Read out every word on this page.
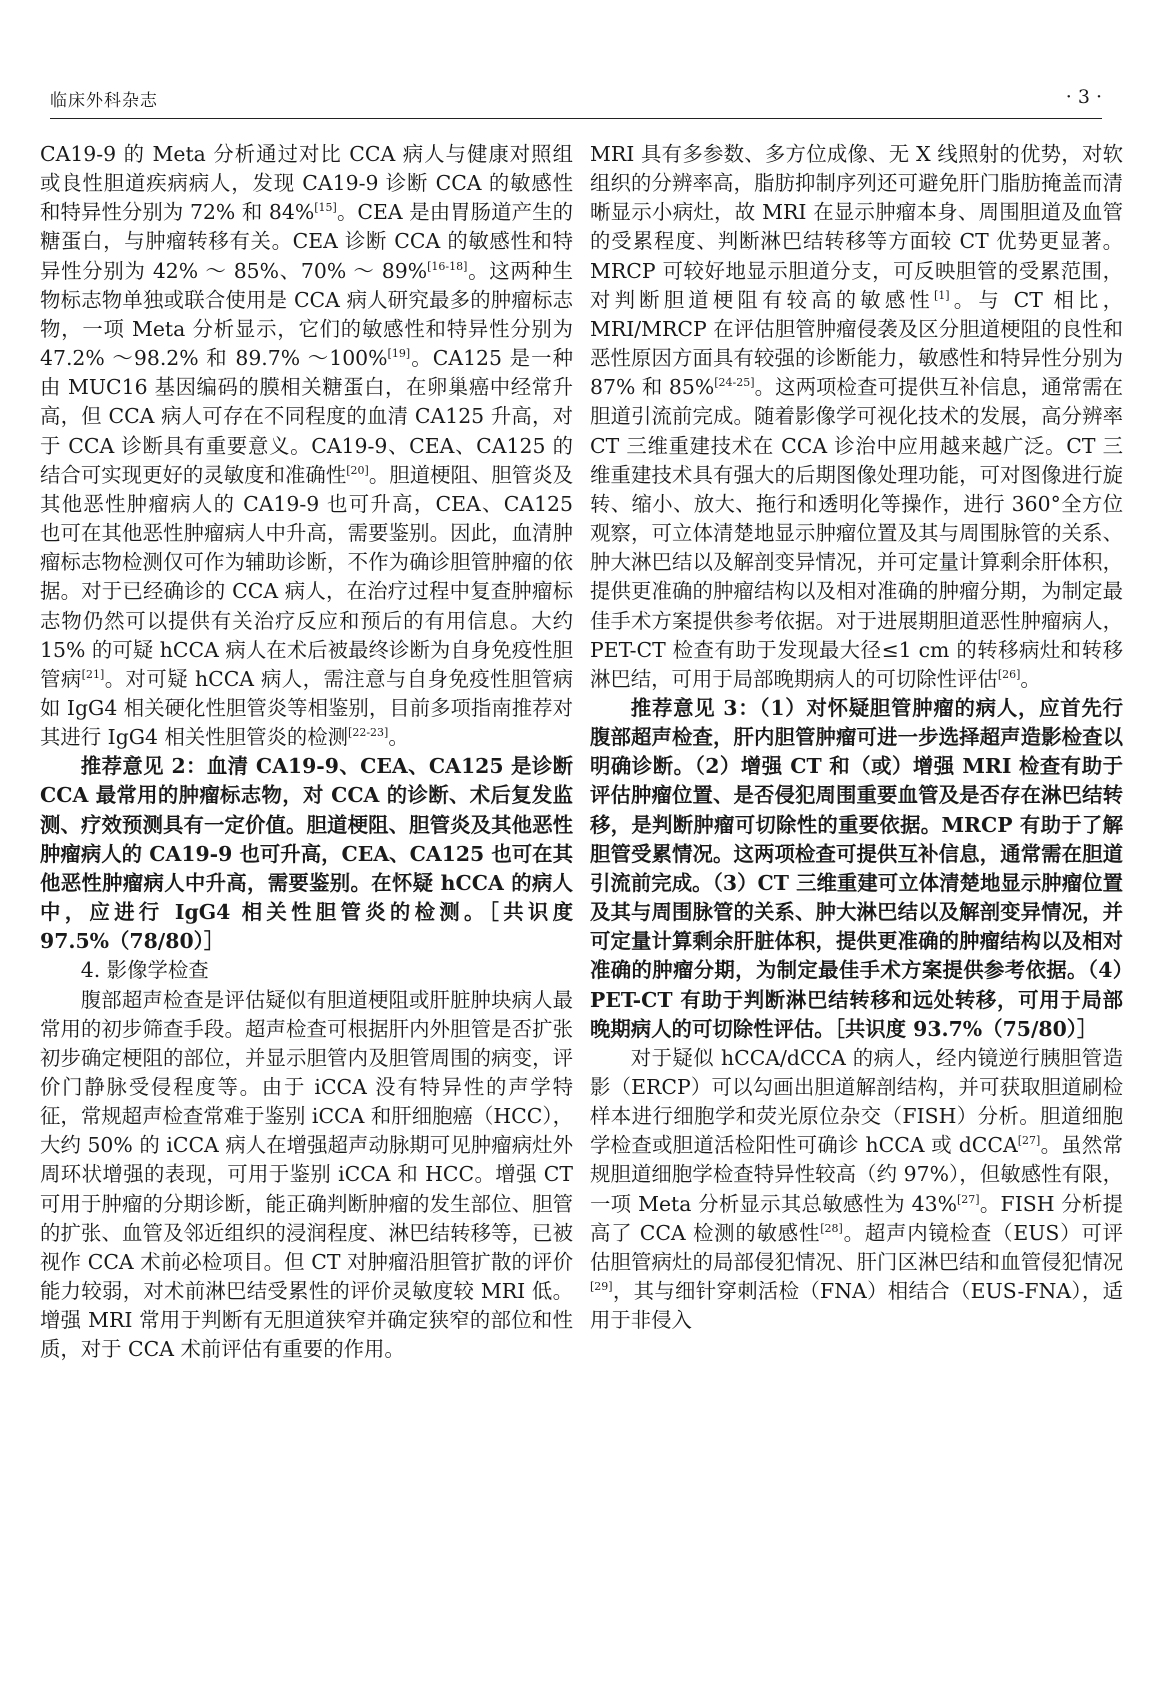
临床外科杂志	· 3 ·

CA19-9 的 Meta 分析通过对比 CCA 病人与健康对照组或良性胆道疾病病人，发现 CA19-9 诊断 CCA 的敏感性和特异性分别为 72% 和 84%[15]。CEA 是由胃肠道产生的糖蛋白，与肿瘤转移有关。CEA 诊断 CCA 的敏感性和特异性分别为 42% ～ 85%、70% ～ 89%[16-18]。这两种生物标志物单独或联合使用是 CCA 病人研究最多的肿瘤标志物，一项 Meta 分析显示，它们的敏感性和特异性分别为 47.2% ～98.2% 和 89.7% ～100%[19]。CA125 是一种由 MUC16 基因编码的膜相关糖蛋白，在卵巢癌中经常升高，但 CCA 病人可存在不同程度的血清 CA125 升高，对于 CCA 诊断具有重要意义。CA19-9、CEA、CA125 的结合可实现更好的灵敏度和准确性[20]。胆道梗阻、胆管炎及其他恶性肿瘤病人的 CA19-9 也可升高，CEA、CA125 也可在其他恶性肿瘤病人中升高，需要鉴别。因此，血清肿瘤标志物检测仅可作为辅助诊断，不作为确诊胆管肿瘤的依据。对于已经确诊的 CCA 病人，在治疗过程中复查肿瘤标志物仍然可以提供有关治疗反应和预后的有用信息。大约 15% 的可疑 hCCA 病人在术后被最终诊断为自身免疫性胆管病[21]。对可疑 hCCA 病人，需注意与自身免疫性胆管病如 IgG4 相关硬化性胆管炎等相鉴别，目前多项指南推荐对其进行 IgG4 相关性胆管炎的检测[22-23]。

推荐意见 2：血清 CA19-9、CEA、CA125 是诊断 CCA 最常用的肿瘤标志物，对 CCA 的诊断、术后复发监测、疗效预测具有一定价值。胆道梗阻、胆管炎及其他恶性肿瘤病人的 CA19-9 也可升高，CEA、CA125 也可在其他恶性肿瘤病人中升高，需要鉴别。在怀疑 hCCA 的病人中，应进行 IgG4 相关性胆管炎的检测。［共识度 97.5%（78/80）］

4. 影像学检查

腹部超声检查是评估疑似有胆道梗阻或肝脏肿块病人最常用的初步筛查手段。超声检查可根据肝内外胆管是否扩张初步确定梗阻的部位，并显示胆管内及胆管周围的病变，评价门静脉受侵程度等。由于 iCCA 没有特异性的声学特征，常规超声检查常难于鉴别 iCCA 和肝细胞癌（HCC），大约 50% 的 iCCA 病人在增强超声动脉期可见肿瘤病灶外周环状增强的表现，可用于鉴别 iCCA 和 HCC。增强 CT 可用于肿瘤的分期诊断，能正确判断肿瘤的发生部位、胆管的扩张、血管及邻近组织的浸润程度、淋巴结转移等，已被视作 CCA 术前必检项目。但 CT 对肿瘤沿胆管扩散的评价能力较弱，对术前淋巴结受累性的评价灵敏度较 MRI 低。增强 MRI 常用于判断有无胆道狭窄并确定狭窄的部位和性质，对于 CCA 术前评估有重要的作用。

MRI 具有多参数、多方位成像、无 X 线照射的优势，对软组织的分辨率高，脂肪抑制序列还可避免肝门脂肪掩盖而清晰显示小病灶，故 MRI 在显示肿瘤本身、周围胆道及血管的受累程度、判断淋巴结转移等方面较 CT 优势更显著。MRCP 可较好地显示胆道分支，可反映胆管的受累范围，对判断胆道梗阻有较高的敏感性[1]。与 CT 相比，MRI/MRCP 在评估胆管肿瘤侵袭及区分胆道梗阻的良性和恶性原因方面具有较强的诊断能力，敏感性和特异性分别为 87% 和 85%[24-25]。这两项检查可提供互补信息，通常需在胆道引流前完成。随着影像学可视化技术的发展，高分辨率 CT 三维重建技术在 CCA 诊治中应用越来越广泛。CT 三维重建技术具有强大的后期图像处理功能，可对图像进行旋转、缩小、放大、拖行和透明化等操作，进行 360°全方位观察，可立体清楚地显示肿瘤位置及其与周围脉管的关系、肿大淋巴结以及解剖变异情况，并可定量计算剩余肝体积，提供更准确的肿瘤结构以及相对准确的肿瘤分期，为制定最佳手术方案提供参考依据。对于进展期胆道恶性肿瘤病人，PET-CT 检查有助于发现最大径≤1 cm 的转移病灶和转移淋巴结，可用于局部晚期病人的可切除性评估[26]。

推荐意见 3：（1）对怀疑胆管肿瘤的病人，应首先行腹部超声检查，肝内胆管肿瘤可进一步选择超声造影检查以明确诊断。（2）增强 CT 和（或）增强 MRI 检查有助于评估肿瘤位置、是否侵犯周围重要血管及是否存在淋巴结转移，是判断肿瘤可切除性的重要依据。MRCP 有助于了解胆管受累情况。这两项检查可提供互补信息，通常需在胆道引流前完成。（3）CT 三维重建可立体清楚地显示肿瘤位置及其与周围脉管的关系、肿大淋巴结以及解剖变异情况，并可定量计算剩余肝脏体积，提供更准确的肿瘤结构以及相对准确的肿瘤分期，为制定最佳手术方案提供参考依据。（4）PET-CT 有助于判断淋巴结转移和远处转移，可用于局部晚期病人的可切除性评估。［共识度 93.7%（75/80）］

对于疑似 hCCA/dCCA 的病人，经内镜逆行胰胆管造影（ERCP）可以勾画出胆道解剖结构，并可获取胆道刷检样本进行细胞学和荧光原位杂交（FISH）分析。胆道细胞学检查或胆道活检阳性可确诊 hCCA 或 dCCA[27]。虽然常规胆道细胞学检查特异性较高（约 97%），但敏感性有限，一项 Meta 分析显示其总敏感性为 43%[27]。FISH 分析提高了 CCA 检测的敏感性[28]。超声内镜检查（EUS）可评估胆管病灶的局部侵犯情况、肝门区淋巴结和血管侵犯情况[29]，其与细针穿刺活检（FNA）相结合（EUS-FNA），适用于非侵入
